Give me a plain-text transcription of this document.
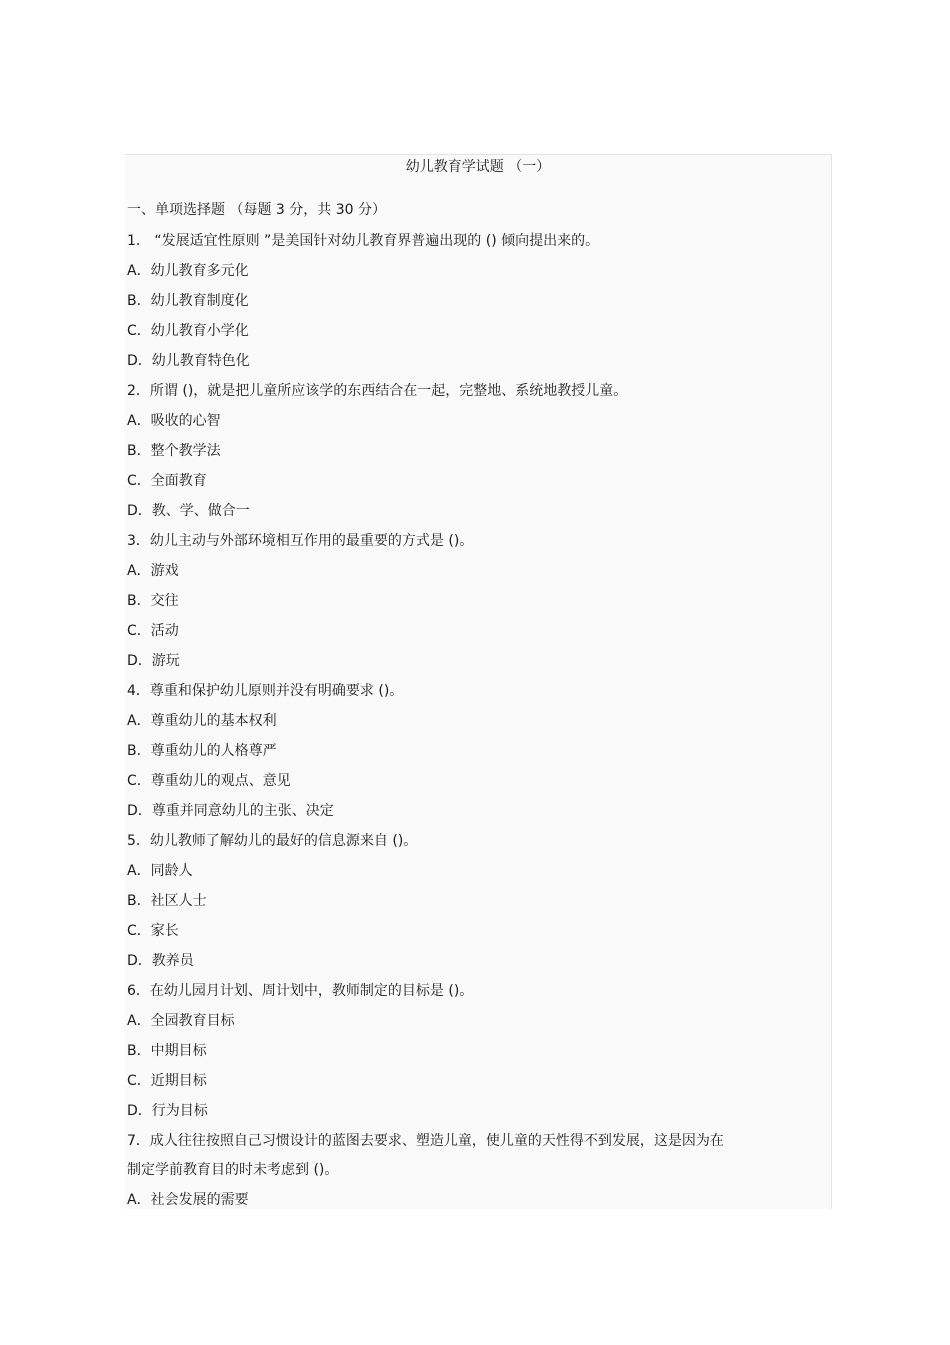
幼儿教育学试题 （一）
一、单项选择题 （每题 3 分，共 30 分）
1． “发展适宜性原则 ”是美国针对幼儿教育界普遍出现的 () 倾向提出来的。
A．幼儿教育多元化
B．幼儿教育制度化
C．幼儿教育小学化
D．幼儿教育特色化
2．所谓 ()，就是把儿童所应该学的东西结合在一起，完整地、系统地教授儿童。
A．吸收的心智
B．整个教学法
C．全面教育
D．教、学、做合一
3．幼儿主动与外部环境相互作用的最重要的方式是 ()。
A．游戏
B．交往
C．活动
D．游玩
4．尊重和保护幼儿原则并没有明确要求 ()。
A．尊重幼儿的基本权利
B．尊重幼儿的人格尊严
C．尊重幼儿的观点、意见
D．尊重并同意幼儿的主张、决定
5．幼儿教师了解幼儿的最好的信息源来自 ()。
A．同龄人
B．社区人士
C．家长
D．教养员
6．在幼儿园月计划、周计划中，教师制定的目标是 ()。
A．全园教育目标
B．中期目标
C．近期目标
D．行为目标
7．成人往往按照自己习惯设计的蓝图去要求、塑造儿童，使儿童的天性得不到发展，这是因为在
制定学前教育目的时未考虑到 ()。
A．社会发展的需要
